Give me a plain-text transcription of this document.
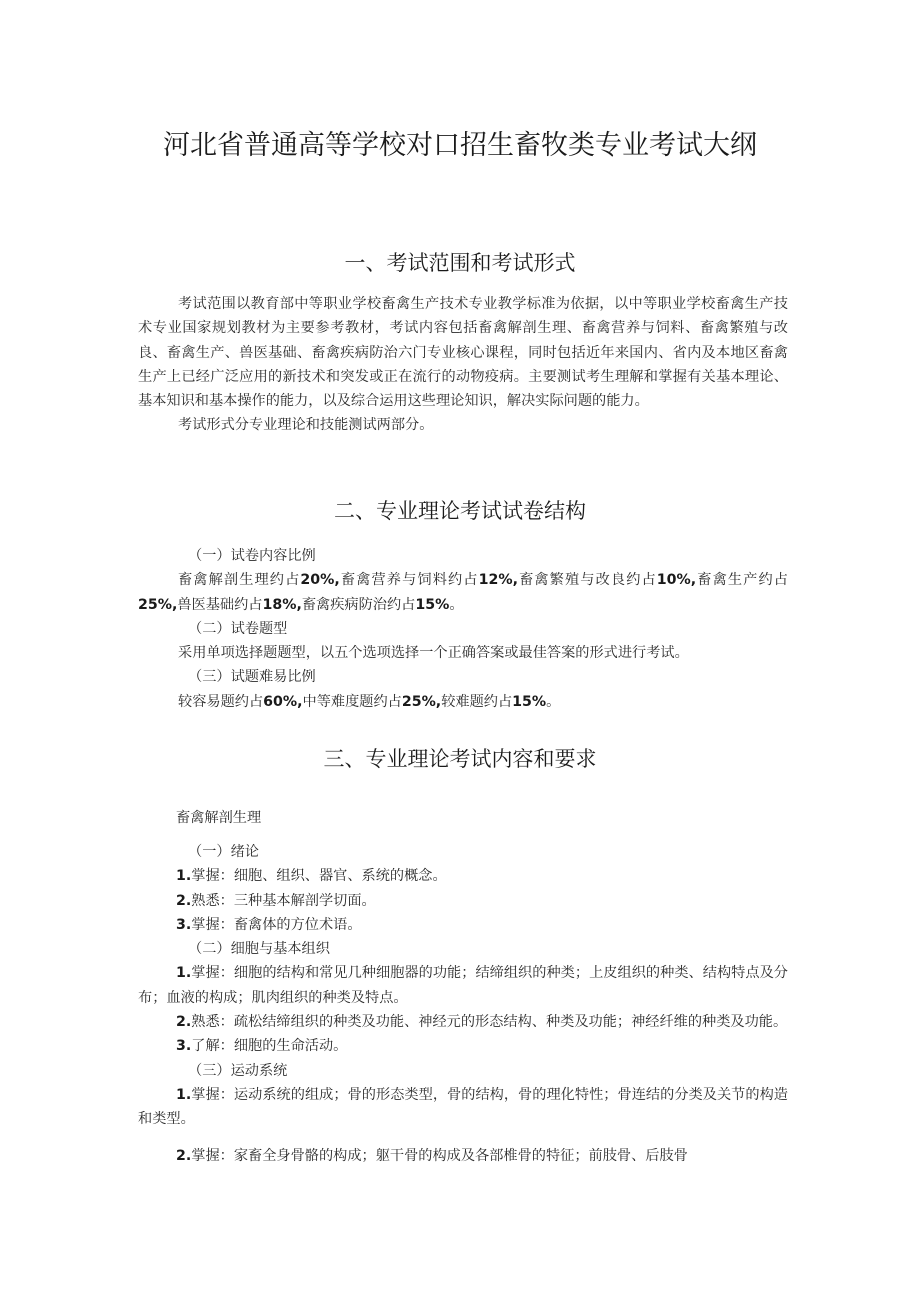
河北省普通高等学校对口招生畜牧类专业考试大纲
一、考试范围和考试形式

考试范围以教育部中等职业学校畜禽生产技术专业教学标准为依据，以中等职业学校畜禽生产技术专业国家规划教材为主要参考教材，考试内容包括畜禽解剖生理、畜禽营养与饲料、畜禽繁殖与改良、畜禽生产、兽医基础、畜禽疾病防治六门专业核心课程，同时包括近年来国内、省内及本地区畜禽生产上已经广泛应用的新技术和突发或正在流行的动物疫病。主要测试考生理解和掌握有关基本理论、基本知识和基本操作的能力，以及综合运用这些理论知识，解决实际问题的能力。

考试形式分专业理论和技能测试两部分。

二、专业理论考试试卷结构

（一）试卷内容比例

畜禽解剖生理约占20%,畜禽营养与饲料约占12%,畜禽繁殖与改良约占10%,畜禽生产约占25%,兽医基础约占18%,畜禽疾病防治约占15%。

（二）试卷题型

采用单项选择题题型，以五个选项选择一个正确答案或最佳答案的形式进行考试。

（三）试题难易比例

较容易题约占60%,中等难度题约占25%,较难题约占15%。

三、专业理论考试内容和要求

畜禽解剖生理

（一）绪论

1.掌握：细胞、组织、器官、系统的概念。

2.熟悉：三种基本解剖学切面。

3.掌握：畜禽体的方位术语。

（二）细胞与基本组织

1.掌握：细胞的结构和常见几种细胞器的功能；结缔组织的种类；上皮组织的种类、结构特点及分布；血液的构成；肌肉组织的种类及特点。

2.熟悉：疏松结缔组织的种类及功能、神经元的形态结构、种类及功能；神经纤维的种类及功能。

3.了解：细胞的生命活动。

（三）运动系统

1.掌握：运动系统的组成；骨的形态类型，骨的结构，骨的理化特性；骨连结的分类及关节的构造和类型。

2.掌握：家畜全身骨骼的构成；躯干骨的构成及各部椎骨的特征；前肢骨、后肢骨
